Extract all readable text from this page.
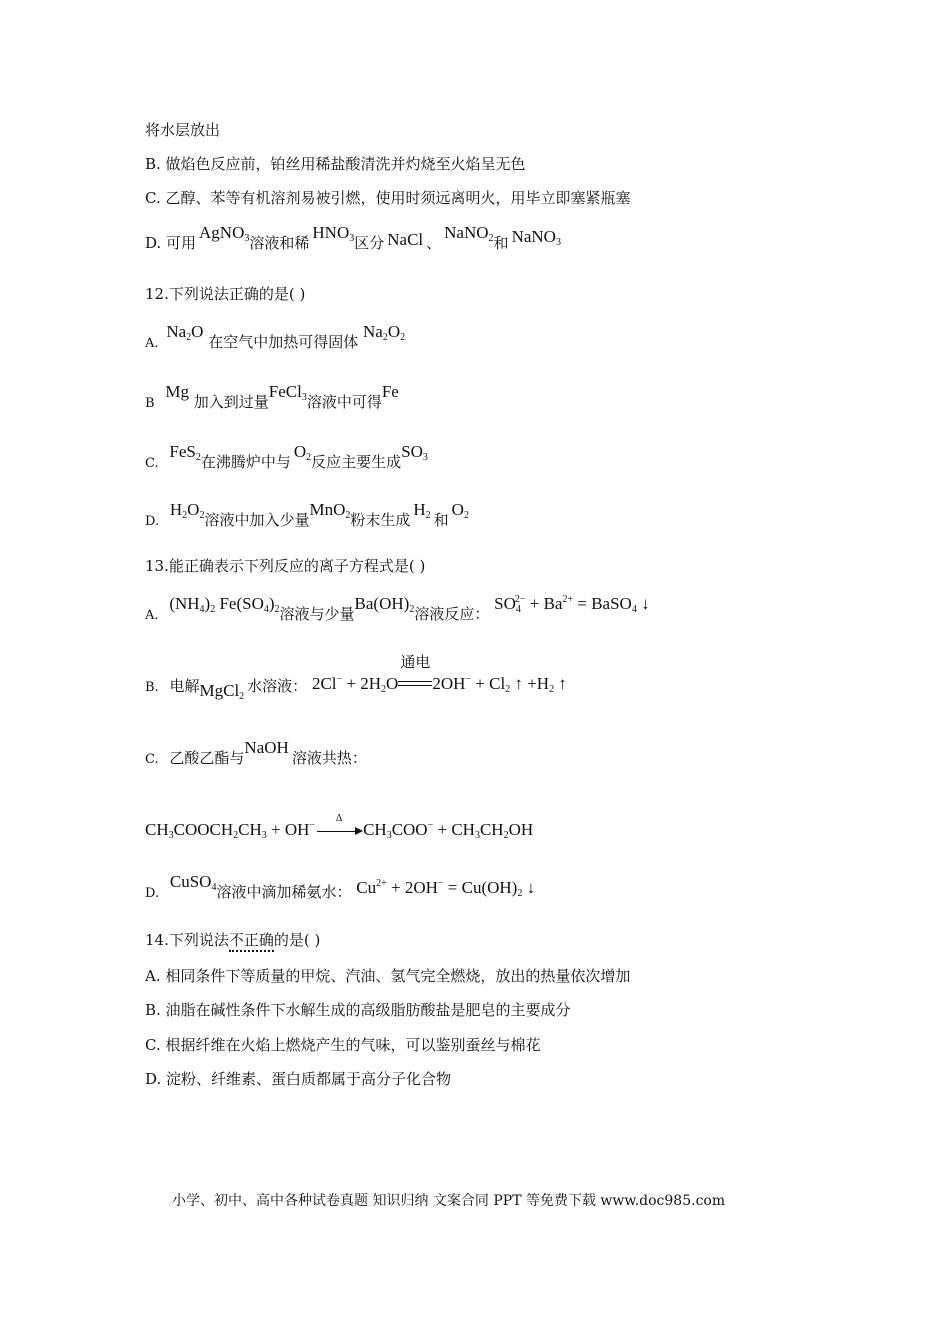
将水层放出
B. 做焰色反应前，铂丝用稀盐酸清洗并灼烧至火焰呈无色
C. 乙醇、苯等有机溶剂易被引燃，使用时须远离明火，用毕立即塞紧瓶塞
D. 可用AgNO$_3$溶液和稀$HNO_3$区分 NaCl 、NaNO$_2$和 NaNO$_3$
12.下列说法正确的是( )
A. $Na_2O$ 在空气中加热可得固体 $Na_2O_2$
B Mg 加入到过量FeCl$_3$溶液中可得Fe
C. FeS$_2$在沸腾炉中与$O_2$反应主要生成$SO_3$
D. $H_2O_2$溶液中加入少量MnO$_2$粉末生成$H_2$ 和$O_2$
13.能正确表示下列反应的离子方程式是( )
A. $(NH_4)_2$ $Fe(SO_4)_2$溶液与少量$Ba(OH)_2$溶液反应： $SO_4^{2-} + Ba^{2+}$ = BaSO$_4$ ↓
B. 电解MgCl$_2$水溶液： $2Cl^- + 2H_2O$
通电
$2OH^- + Cl_2$ ↑ $+H_2$ ↑
C. 乙酸乙酯与NaOH溶液共热：
$CH_3COOCH_2CH_3 + OH^-$
Δ
$CH_3COO^- + CH_3CH_2OH$
D. CuSO$_4$溶液中滴加稀氨水： $Cu^{2+} + 2OH^- = Cu(OH)_2$ ↓
14.下列说法不正确的是( )
A. 相同条件下等质量的甲烷、汽油、氢气完全燃烧，放出的热量依次增加
B. 油脂在碱性条件下水解生成的高级脂肪酸盐是肥皂的主要成分
C. 根据纤维在火焰上燃烧产生的气味，可以鉴别蚕丝与棉花
D. 淀粉、纤维素、蛋白质都属于高分子化合物
小学、初中、高中各种试卷真题 知识归纳 文案合同 PPT 等免费下载 www.doc985.com
